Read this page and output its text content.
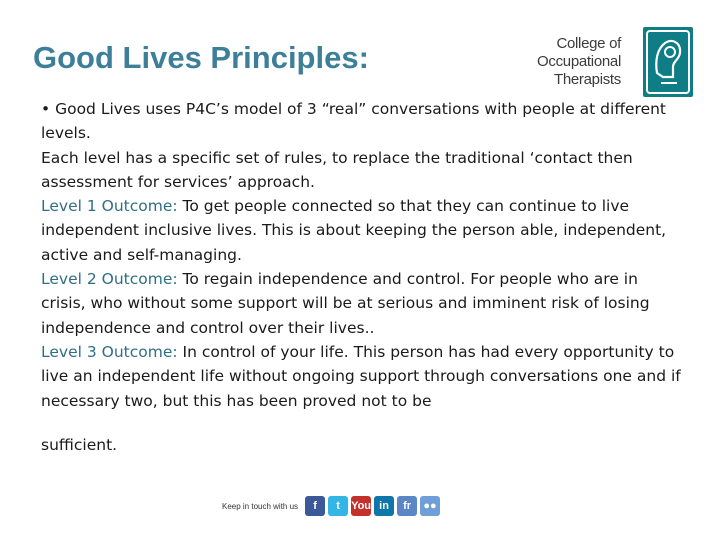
Good Lives Principles:	College of
Occupational
Therapists

• Good Lives uses P4C’s model of 3 “real” conversations with people at different levels.

Each level has a specific set of rules, to replace the traditional ‘contact then assessment for services’ approach.

Level 1 Outcome: To get people connected so that they can continue to live independent inclusive lives. This is about keeping the person able, independent, active and self-managing.

Level 2 Outcome: To regain independence and control. For people who are in crisis, who without some support will be at serious and imminent risk of losing independence and control over their lives..

Level 3 Outcome: In control of your life. This person has had every opportunity to live an independent life without ongoing support through conversations one and if necessary two, but this has been proved not to be

sufficient.

Keep in touch with us	f	t	You in	fr	●●
